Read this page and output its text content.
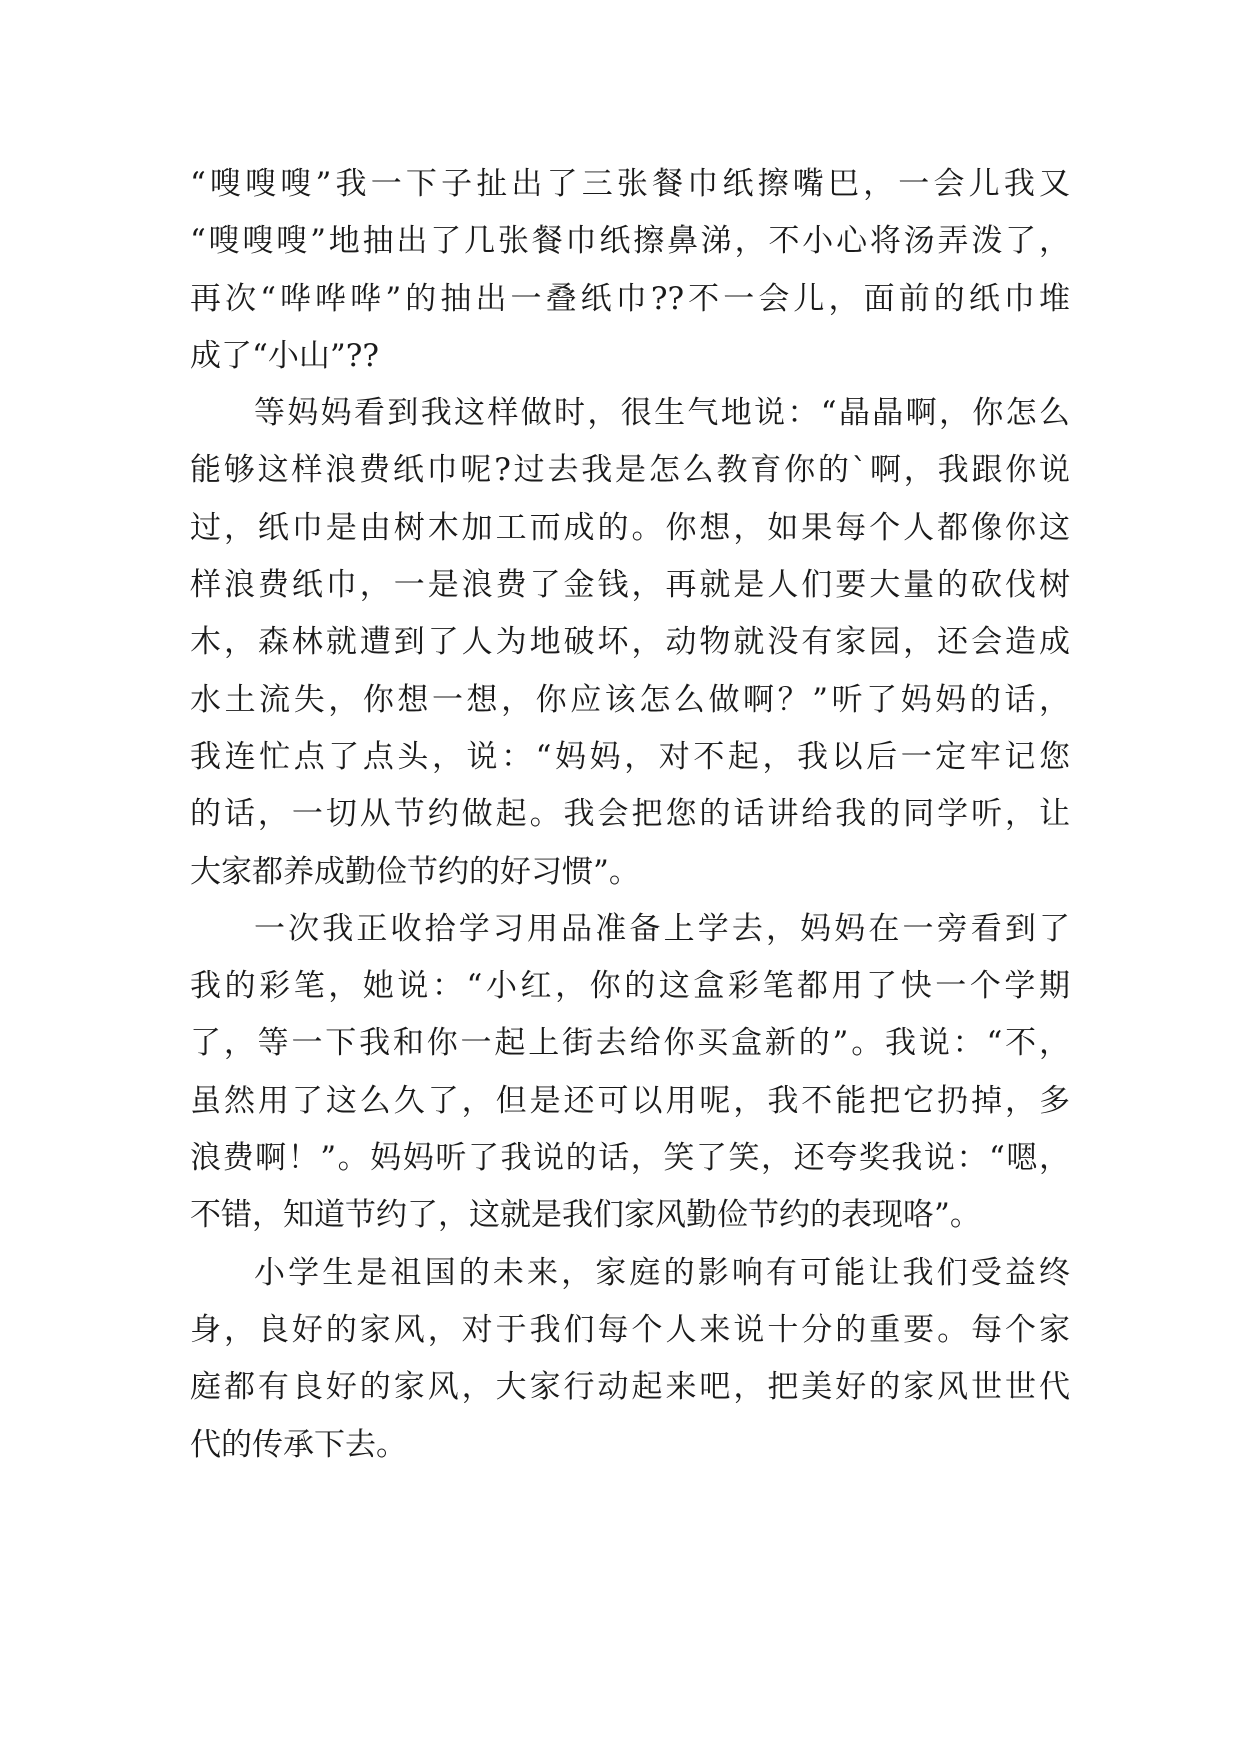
“嗖嗖嗖”我一下子扯出了三张餐巾纸擦嘴巴，一会儿我又
“嗖嗖嗖”地抽出了几张餐巾纸擦鼻涕，不小心将汤弄泼了，
再次“哗哗哗”的抽出一叠纸巾??不一会儿，面前的纸巾堆
成了“小山”??
等妈妈看到我这样做时，很生气地说：“晶晶啊，你怎么
能够这样浪费纸巾呢?过去我是怎么教育你的`啊，我跟你说
过，纸巾是由树木加工而成的。你想，如果每个人都像你这
样浪费纸巾，一是浪费了金钱，再就是人们要大量的砍伐树
木，森林就遭到了人为地破坏，动物就没有家园，还会造成
水土流失，你想一想，你应该怎么做啊？”听了妈妈的话，
我连忙点了点头，说：“妈妈，对不起，我以后一定牢记您
的话，一切从节约做起。我会把您的话讲给我的同学听，让
大家都养成勤俭节约的好习惯”。
一次我正收拾学习用品准备上学去，妈妈在一旁看到了
我的彩笔，她说：“小红，你的这盒彩笔都用了快一个学期
了，等一下我和你一起上街去给你买盒新的”。我说：“不，
虽然用了这么久了，但是还可以用呢，我不能把它扔掉，多
浪费啊！”。妈妈听了我说的话，笑了笑，还夸奖我说：“嗯，
不错，知道节约了，这就是我们家风勤俭节约的表现咯”。
小学生是祖国的未来，家庭的影响有可能让我们受益终
身，良好的家风，对于我们每个人来说十分的重要。每个家
庭都有良好的家风，大家行动起来吧，把美好的家风世世代
代的传承下去。
